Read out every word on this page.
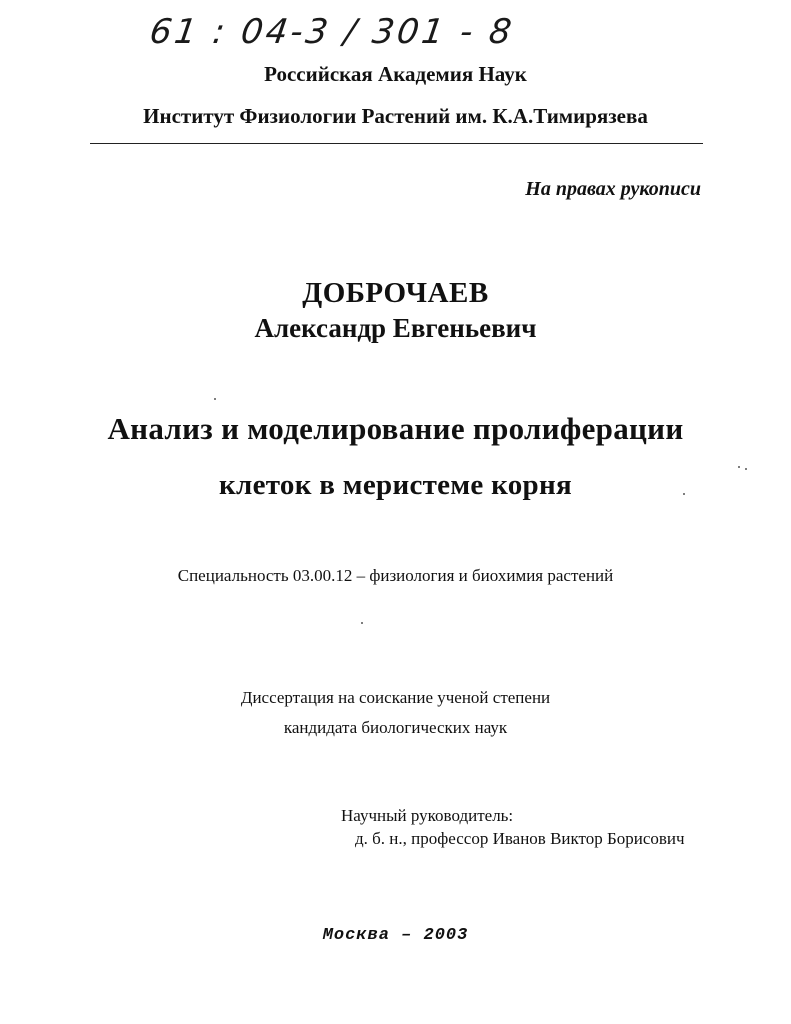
61 : 04-3 / 301 - 8
Российская Академия Наук
Институт Физиологии Растений им. К.А.Тимирязева
На правах рукописи
ДОБРОЧАЕВ
Александр Евгеньевич
Анализ и моделирование пролиферации
клеток в меристеме корня
Специальность 03.00.12 – физиология и биохимия растений
Диссертация на соискание ученой степени
кандидата биологических наук
Научный руководитель:
д. б. н., профессор Иванов Виктор Борисович
Москва – 2003
